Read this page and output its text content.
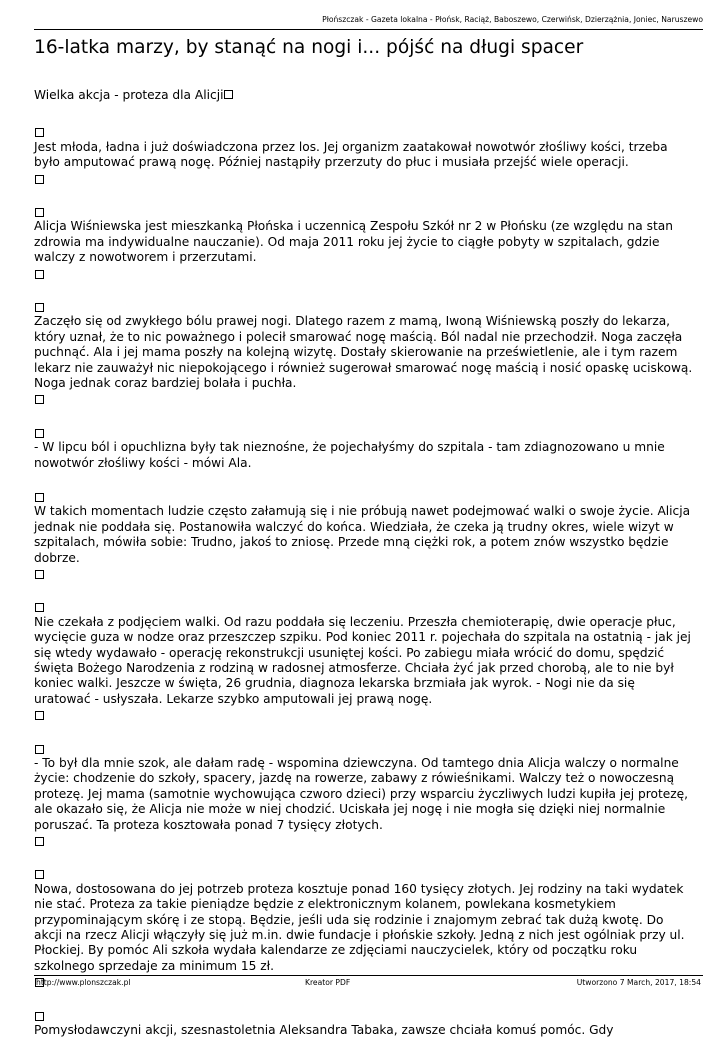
Płońszczak - Gazeta lokalna - Płońsk, Raciąż, Baboszewo, Czerwińsk, Dzierzążnia, Joniec, Naruszewo
16-latka marzy, by stanąć na nogi i... pójść na długi spacer

Wielka akcja - proteza dla Alicji

Jest młoda, ładna i już doświadczona przez los. Jej organizm zaatakował nowotwór złośliwy kości, trzeba było amputować prawą nogę. Później nastąpiły przerzuty do płuc i musiała przejść wiele operacji.
Alicja Wiśniewska jest mieszkanką Płońska i uczennicą Zespołu Szkół nr 2 w Płońsku (ze względu na stan zdrowia ma indywidualne nauczanie). Od maja 2011 roku jej życie to ciągłe pobyty w szpitalach, gdzie walczy z nowotworem i przerzutami.
Zaczęło się od zwykłego bólu prawej nogi. Dlatego razem z mamą, Iwoną Wiśniewską poszły do lekarza, który uznał, że to nic poważnego i polecił smarować nogę maścią. Ból nadal nie przechodził. Noga zaczęła puchnąć. Ala i jej mama poszły na kolejną wizytę. Dostały skierowanie na prześwietlenie, ale i tym razem lekarz nie zauważył nic niepokojącego i również sugerował smarować nogę maścią i nosić opaskę uciskową. Noga jednak coraz bardziej bolała i puchła.
- W lipcu ból i opuchlizna były tak nieznośne, że pojechałyśmy do szpitala - tam zdiagnozowano u mnie nowotwór złośliwy kości - mówi Ala.
W takich momentach ludzie często załamują się i nie próbują nawet podejmować walki o swoje życie. Alicja jednak nie poddała się. Postanowiła walczyć do końca. Wiedziała, że czeka ją trudny okres, wiele wizyt w szpitalach, mówiła sobie: Trudno, jakoś to zniosę. Przede mną ciężki rok, a potem znów wszystko będzie dobrze.
Nie czekała z podjęciem walki. Od razu poddała się leczeniu. Przeszła chemioterapię, dwie operacje płuc, wycięcie guza w nodze oraz przeszczep szpiku. Pod koniec 2011 r. pojechała do szpitala na ostatnią - jak jej się wtedy wydawało - operację rekonstrukcji usuniętej kości. Po zabiegu miała wrócić do domu, spędzić święta Bożego Narodzenia z rodziną w radosnej atmosferze. Chciała żyć jak przed chorobą, ale to nie był koniec walki. Jeszcze w święta, 26 grudnia, diagnoza lekarska brzmiała jak wyrok. - Nogi nie da się uratować - usłyszała. Lekarze szybko amputowali jej prawą nogę.
- To był dla mnie szok, ale dałam radę - wspomina dziewczyna. Od tamtego dnia Alicja walczy o normalne życie: chodzenie do szkoły, spacery, jazdę na rowerze, zabawy z rówieśnikami. Walczy też o nowoczesną protezę. Jej mama (samotnie wychowująca czworo dzieci) przy wsparciu życzliwych ludzi kupiła jej protezę, ale okazało się, że Alicja nie może w niej chodzić. Uciskała jej nogę i nie mogła się dzięki niej normalnie poruszać. Ta proteza kosztowała ponad 7 tysięcy złotych.
Nowa, dostosowana do jej potrzeb proteza kosztuje ponad 160 tysięcy złotych. Jej rodziny na taki wydatek nie stać. Proteza za takie pieniądze będzie z elektronicznym kolanem, powlekana kosmetykiem przypominającym skórę i ze stopą. Będzie, jeśli uda się rodzinie i znajomym zebrać tak dużą kwotę. Do akcji na rzecz Alicji włączyły się już m.in. dwie fundacje i płońskie szkoły. Jedną z nich jest ogólniak przy ul. Płockiej. By pomóc Ali szkoła wydała kalendarze ze zdjęciami nauczycielek, który od początku roku szkolnego sprzedaje za minimum 15 zł.
Pomysłodawczyni akcji, szesnastoletnia Aleksandra Tabaka, zawsze chciała komuś pomóc. Gdy
http://www.plonszczak.pl	Kreator PDF	Utworzono 7 March, 2017, 18:54
